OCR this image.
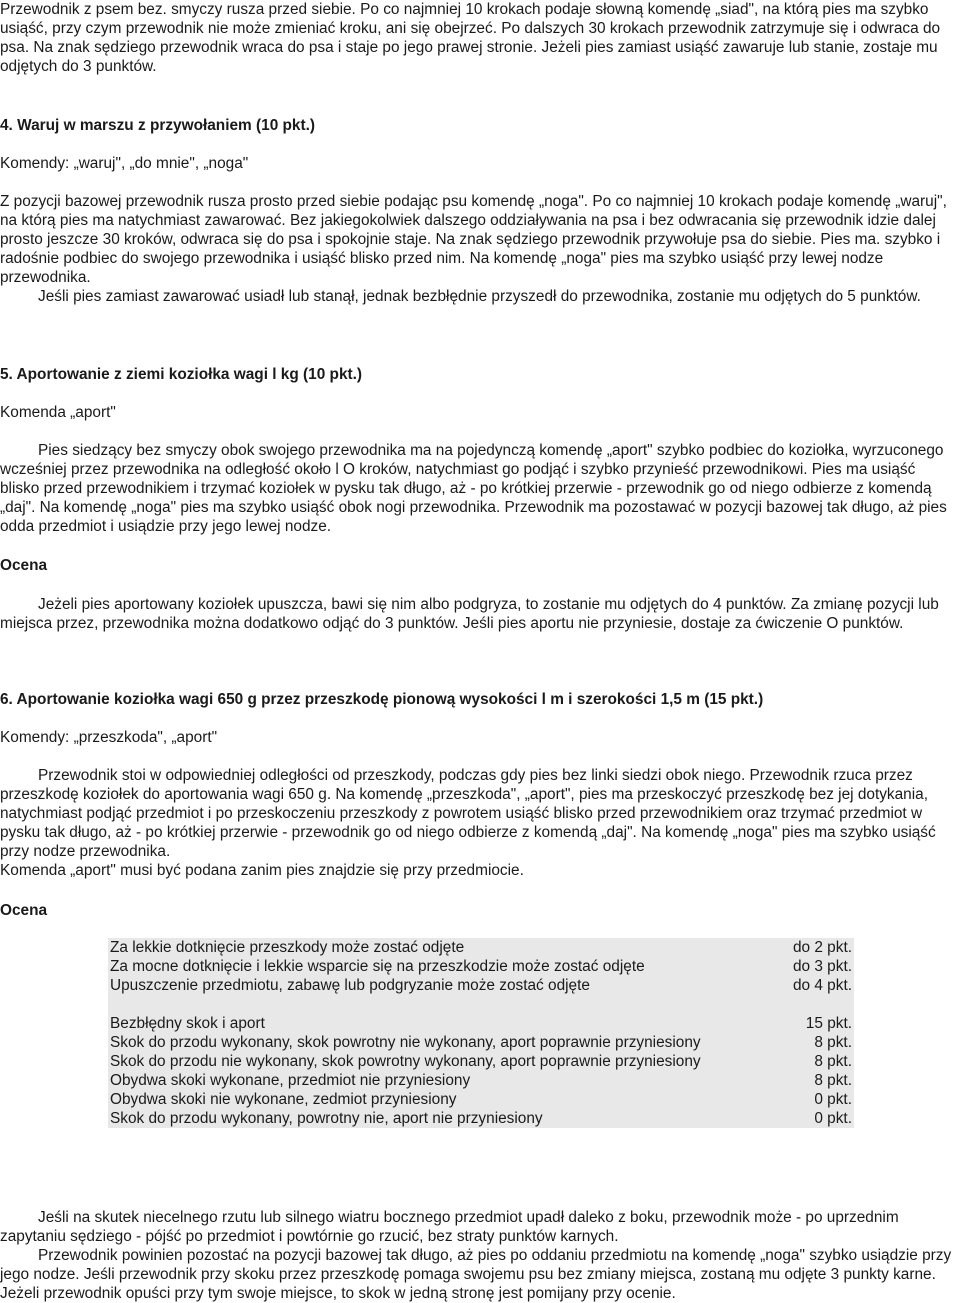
Przewodnik z psem bez. smyczy rusza przed siebie. Po co najmniej 10 krokach podaje słowną komendę „siad", na którą pies ma szybko usiąść, przy czym przewodnik nie może zmieniać kroku, ani się obejrzeć. Po dalszych 30 krokach przewodnik zatrzymuje się i odwraca do psa. Na znak sędziego przewodnik wraca do psa i staje po jego prawej stronie. Jeżeli pies zamiast usiąść zawaruje lub stanie, zostaje mu odjętych do 3 punktów.

4. Waruj w marszu z przywołaniem (10 pkt.)
Komendy: „waruj", „do mnie", „noga"

Z pozycji bazowej przewodnik rusza prosto przed siebie podając psu komendę „noga". Po co najmniej 10 krokach podaje komendę „waruj", na którą pies ma natychmiast zawarować. Bez jakiegokolwiek dalszego oddziaływania na psa i bez odwracania się przewodnik idzie dalej prosto jeszcze 30 kroków, odwraca się do psa i spokojnie staje. Na znak sędziego przewodnik przywołuje psa do siebie. Pies ma. szybko i radośnie podbiec do swojego przewodnika i usiąść blisko przed nim. Na komendę „noga" pies ma szybko usiąść przy lewej nodze przewodnika.

Jeśli pies zamiast zawarować usiadł lub stanął, jednak bezbłędnie przyszedł do przewodnika, zostanie mu odjętych do 5 punktów.

5. Aportowanie z ziemi koziołka wagi l kg (10 pkt.)
Komenda „aport"

Pies siedzący bez smyczy obok swojego przewodnika ma na pojedynczą komendę „aport" szybko podbiec do koziołka, wyrzuconego wcześniej przez przewodnika na odległość około l O kroków, natychmiast go podjąć i szybko przynieść przewodnikowi. Pies ma usiąść blisko przed przewodnikiem i trzymać koziołek w pysku tak długo, aż - po krótkiej przerwie - przewodnik go od niego odbierze z komendą „daj". Na komendę „noga" pies ma szybko usiąść obok nogi przewodnika. Przewodnik ma pozostawać w pozycji bazowej tak długo, aż pies odda przedmiot i usiądzie przy jego lewej nodze.

Ocena

Jeżeli pies aportowany koziołek upuszcza, bawi się nim albo podgryza, to zostanie mu odjętych do 4 punktów. Za zmianę pozycji lub miejsca przez, przewodnika można dodatkowo odjąć do 3 punktów. Jeśli pies aportu nie przyniesie, dostaje za ćwiczenie O punktów.

6. Aportowanie koziołka wagi 650 g przez przeszkodę pionową wysokości l m i szerokości 1,5 m (15 pkt.)
Komendy: „przeszkoda", „aport"

Przewodnik stoi w odpowiedniej odległości od przeszkody, podczas gdy pies bez linki siedzi obok niego. Przewodnik rzuca przez przeszkodę koziołek do aportowania wagi 650 g. Na komendę „przeszkoda", „aport", pies ma przeskoczyć przeszkodę bez jej dotykania, natychmiast podjąć przedmiot i po przeskoczeniu przeszkody z powrotem usiąść blisko przed przewodnikiem oraz trzymać przedmiot w pysku tak długo, aż - po krótkiej przerwie - przewodnik go od niego odbierze z komendą „daj". Na komendę „noga" pies ma szybko usiąść przy nodze przewodnika.

Komenda „aport" musi być podana zanim pies znajdzie się przy przedmiocie.

Ocena
Za lekkie dotknięcie przeszkody może zostać odjęte	do 2 pkt.
Za mocne dotknięcie i lekkie wsparcie się na przeszkodzie może zostać odjęte	do 3 pkt.
Upuszczenie przedmiotu, zabawę lub podgryzanie może zostać odjęte	do 4 pkt.

Bezbłędny skok i aport	15 pkt.
Skok do przodu wykonany, skok powrotny nie wykonany, aport poprawnie przyniesiony	8 pkt.
Skok do przodu nie wykonany, skok powrotny wykonany, aport poprawnie przyniesiony	8 pkt.
Obydwa skoki wykonane, przedmiot nie przyniesiony	8 pkt.
Obydwa skoki nie wykonane, zedmiot przyniesiony	0 pkt.
Skok do przodu wykonany, powrotny nie, aport nie przyniesiony	0 pkt.

Jeśli na skutek niecelnego rzutu lub silnego wiatru bocznego przedmiot upadł daleko z boku, przewodnik może - po uprzednim zapytaniu sędziego - pójść po przedmiot i powtórnie go rzucić, bez straty punktów karnych.

Przewodnik powinien pozostać na pozycji bazowej tak długo, aż pies po oddaniu przedmiotu na komendę „noga" szybko usiądzie przy jego nodze. Jeśli przewodnik przy skoku przez przeszkodę pomaga swojemu psu bez zmiany miejsca, zostaną mu odjęte 3 punkty karne. Jeżeli przewodnik opuści przy tym swoje miejsce, to skok w jedną stronę jest pomijany przy ocenie.
